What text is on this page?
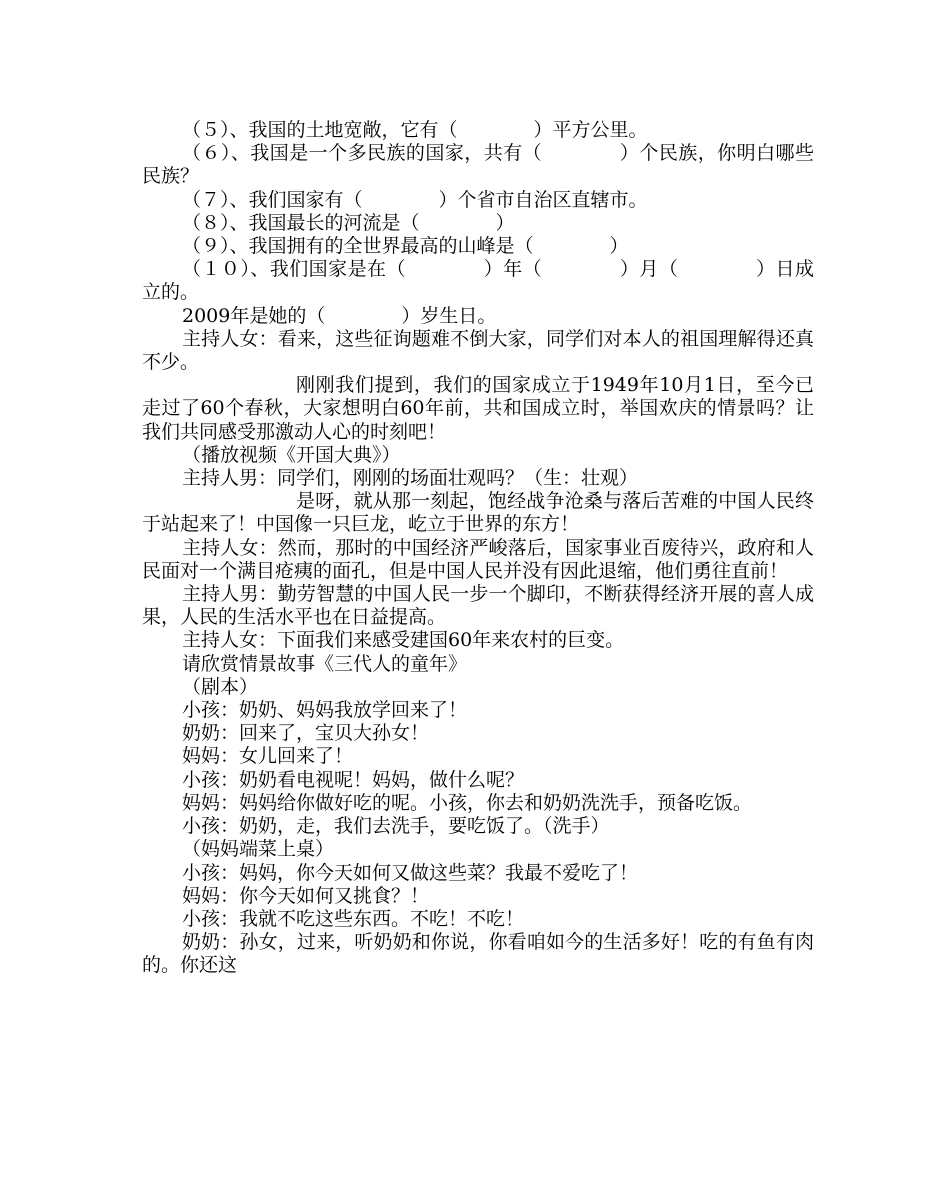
（５）、我国的土地宽敞，它有（　　　　）平方公里。

（６）、我国是一个多民族的国家，共有（　　　　）个民族，你明白哪些民族？

（７）、我们国家有（　　　　）个省市自治区直辖市。

（８）、我国最长的河流是（　　　　）

（９）、我国拥有的全世界最高的山峰是（　　　　）

（１０）、我们国家是在（　　　　）年（　　　　）月（　　　　）日成立的。

2009年是她的（　　　　）岁生日。

主持人女：看来，这些征询题难不倒大家，同学们对本人的祖国理解得还真不少。

刚刚我们提到，我们的国家成立于1949年10月1日，至今已走过了60个春秋，大家想明白60年前，共和国成立时，举国欢庆的情景吗？让我们共同感受那激动人心的时刻吧！

（播放视频《开国大典》）

主持人男：同学们，刚刚的场面壮观吗？（生：壮观）

是呀，就从那一刻起，饱经战争沧桑与落后苦难的中国人民终于站起来了！中国像一只巨龙，屹立于世界的东方！

主持人女：然而，那时的中国经济严峻落后，国家事业百废待兴，政府和人民面对一个满目疮痍的面孔，但是中国人民并没有因此退缩，他们勇往直前！

主持人男：勤劳智慧的中国人民一步一个脚印，不断获得经济开展的喜人成果，人民的生活水平也在日益提高。

主持人女：下面我们来感受建国60年来农村的巨变。

请欣赏情景故事《三代人的童年》

（剧本）

小孩：奶奶、妈妈我放学回来了！

奶奶：回来了，宝贝大孙女！

妈妈：女儿回来了！

小孩：奶奶看电视呢！妈妈，做什么呢？

妈妈：妈妈给你做好吃的呢。小孩，你去和奶奶洗洗手，预备吃饭。

小孩：奶奶，走，我们去洗手，要吃饭了。（洗手）

（妈妈端菜上桌）

小孩：妈妈，你今天如何又做这些菜？我最不爱吃了！

妈妈：你今天如何又挑食？！

小孩：我就不吃这些东西。不吃！不吃！

奶奶：孙女，过来，听奶奶和你说，你看咱如今的生活多好！吃的有鱼有肉的。你还这
